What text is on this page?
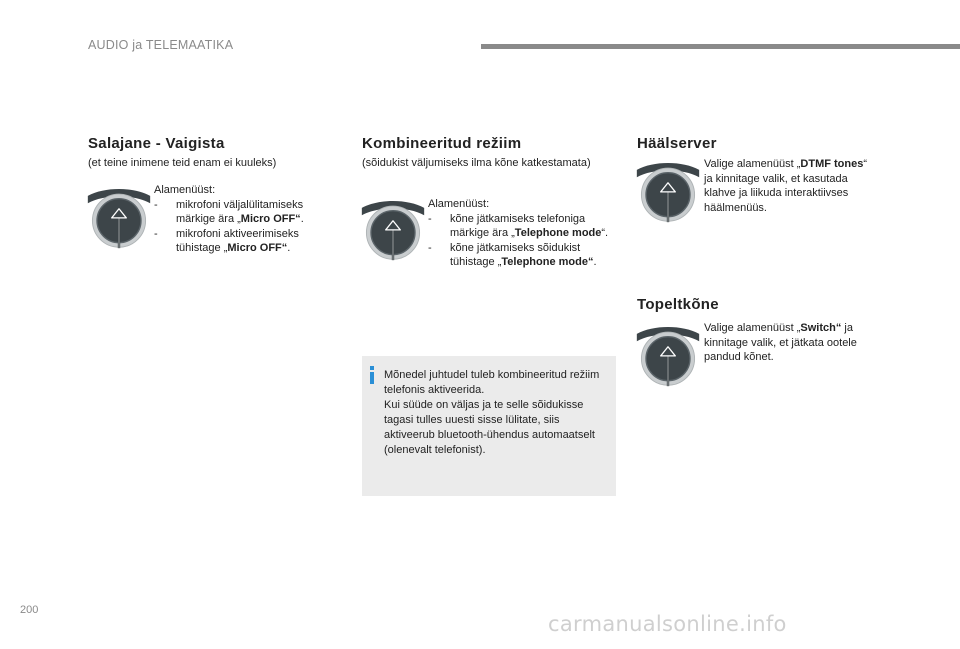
AUDIO ja TELEMAATIKA
Salajane - Vaigista
(et teine inimene teid enam ei kuuleks)
Alamenüüst:
-	mikrofoni väljalülitamiseks märkige ära „Micro OFF“.
-	mikrofoni aktiveerimiseks tühistage „Micro OFF“.
Kombineeritud režiim
(sõidukist väljumiseks ilma kõne katkestamata)
Alamenüüst:
-	kõne jätkamiseks telefoniga märkige ära „Telephone mode“.
-	kõne jätkamiseks sõidukist tühistage „Telephone mode“.
Mõnedel juhtudel tuleb kombineeritud režiim telefonis aktiveerida.
Kui süüde on väljas ja te selle sõidukisse tagasi tulles uuesti sisse lülitate, siis aktiveerub bluetooth-ühendus automaatselt (olenevalt telefonist).
Häälserver
Valige alamenüüst „DTMF tones“ ja kinnitage valik, et kasutada klahve ja liikuda interaktiivses häälmenüüs.
Topeltkõne
Valige alamenüüst „Switch“ ja kinnitage valik, et jätkata ootele pandud kõnet.
200
carmanualsonline.info
